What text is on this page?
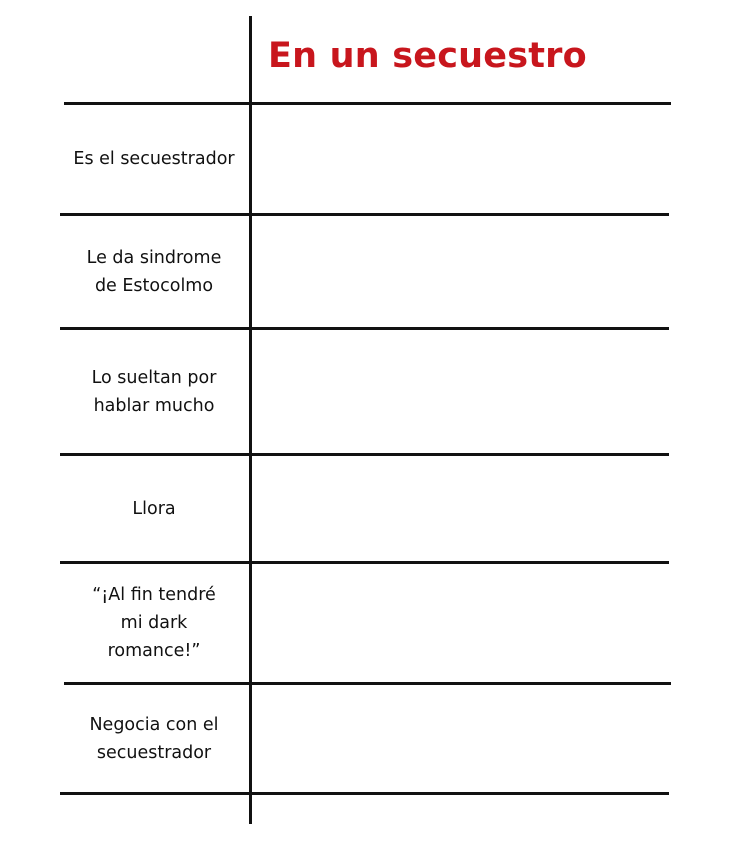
En un secuestro
Es el secuestrador
Le da sindrome
de Estocolmo
Lo sueltan por
hablar mucho
Llora
“¡Al fin tendré
mi dark
romance!”
Negocia con el
secuestrador
